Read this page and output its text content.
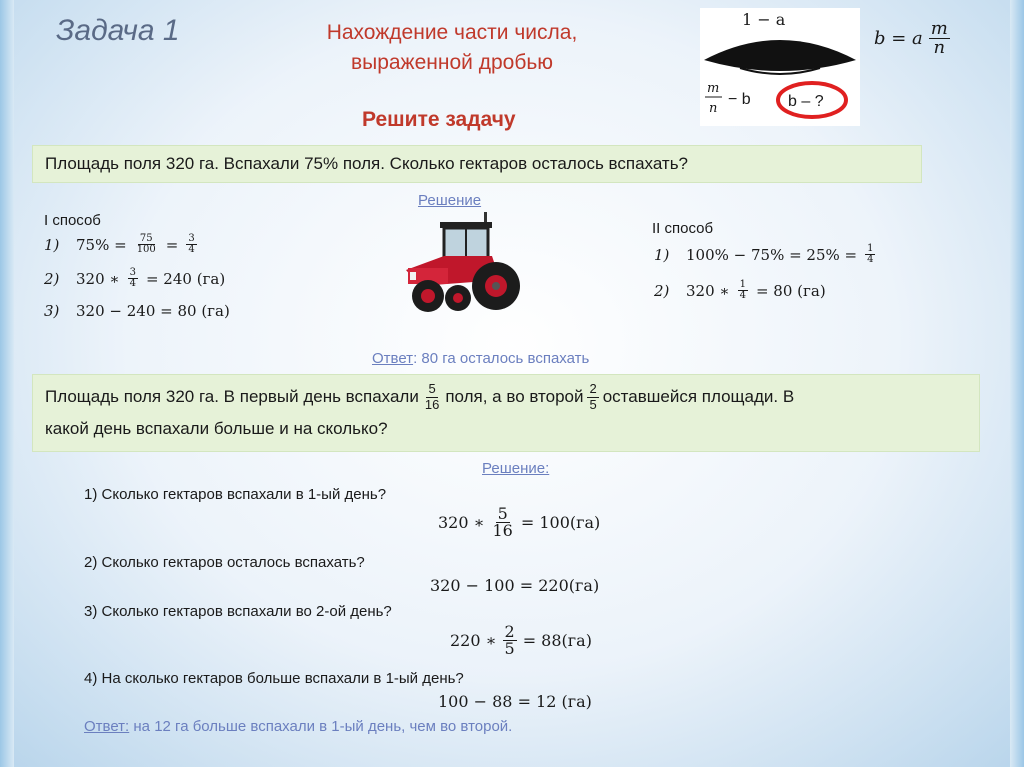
Задача 1	Нахождение части числа,
выраженной дробью
Решите задачу
1 − a
m
n
− b b – ?
b = a $\frac{m}{n}$
Площадь поля 320 га. Вспахали 75% поля. Сколько гектаров осталось вспахать?
Решение
I способ
1)	$75\% = \frac{75}{100} = \frac{3}{4}$
2)	320 ∗ $\frac{3}{4} = 240$ (га)
3)	320 − 240 = 80 (га)
II способ
1)	$100\% - 75\% = 25\% = \frac{1}{4}$
2)	320 ∗ $\frac{1}{4} = 80$ (га)
Ответ: 80 га осталось вспахать
Площадь поля 320 га. В первый день вспахали $\frac{5}{16}$ поля, а во второй $\frac{2}{5}$ оставшейся площади. В
какой день вспахали больше и на сколько?
Решение:
1) Сколько гектаров вспахали в 1-ый день?
320 ∗ $\frac{5}{16} = 100(га)$
2) Сколько гектаров осталось вспахать?
320 − 100 = 220(га)
3) Сколько гектаров вспахали во 2-ой день?
220 ∗ $\frac{2}{5} = 88(га)$
4) На сколько гектаров больше вспахали в 1-ый день?
100 − 88 = 12 (га)
Ответ: на 12 га больше вспахали в 1-ый день, чем во второй.
